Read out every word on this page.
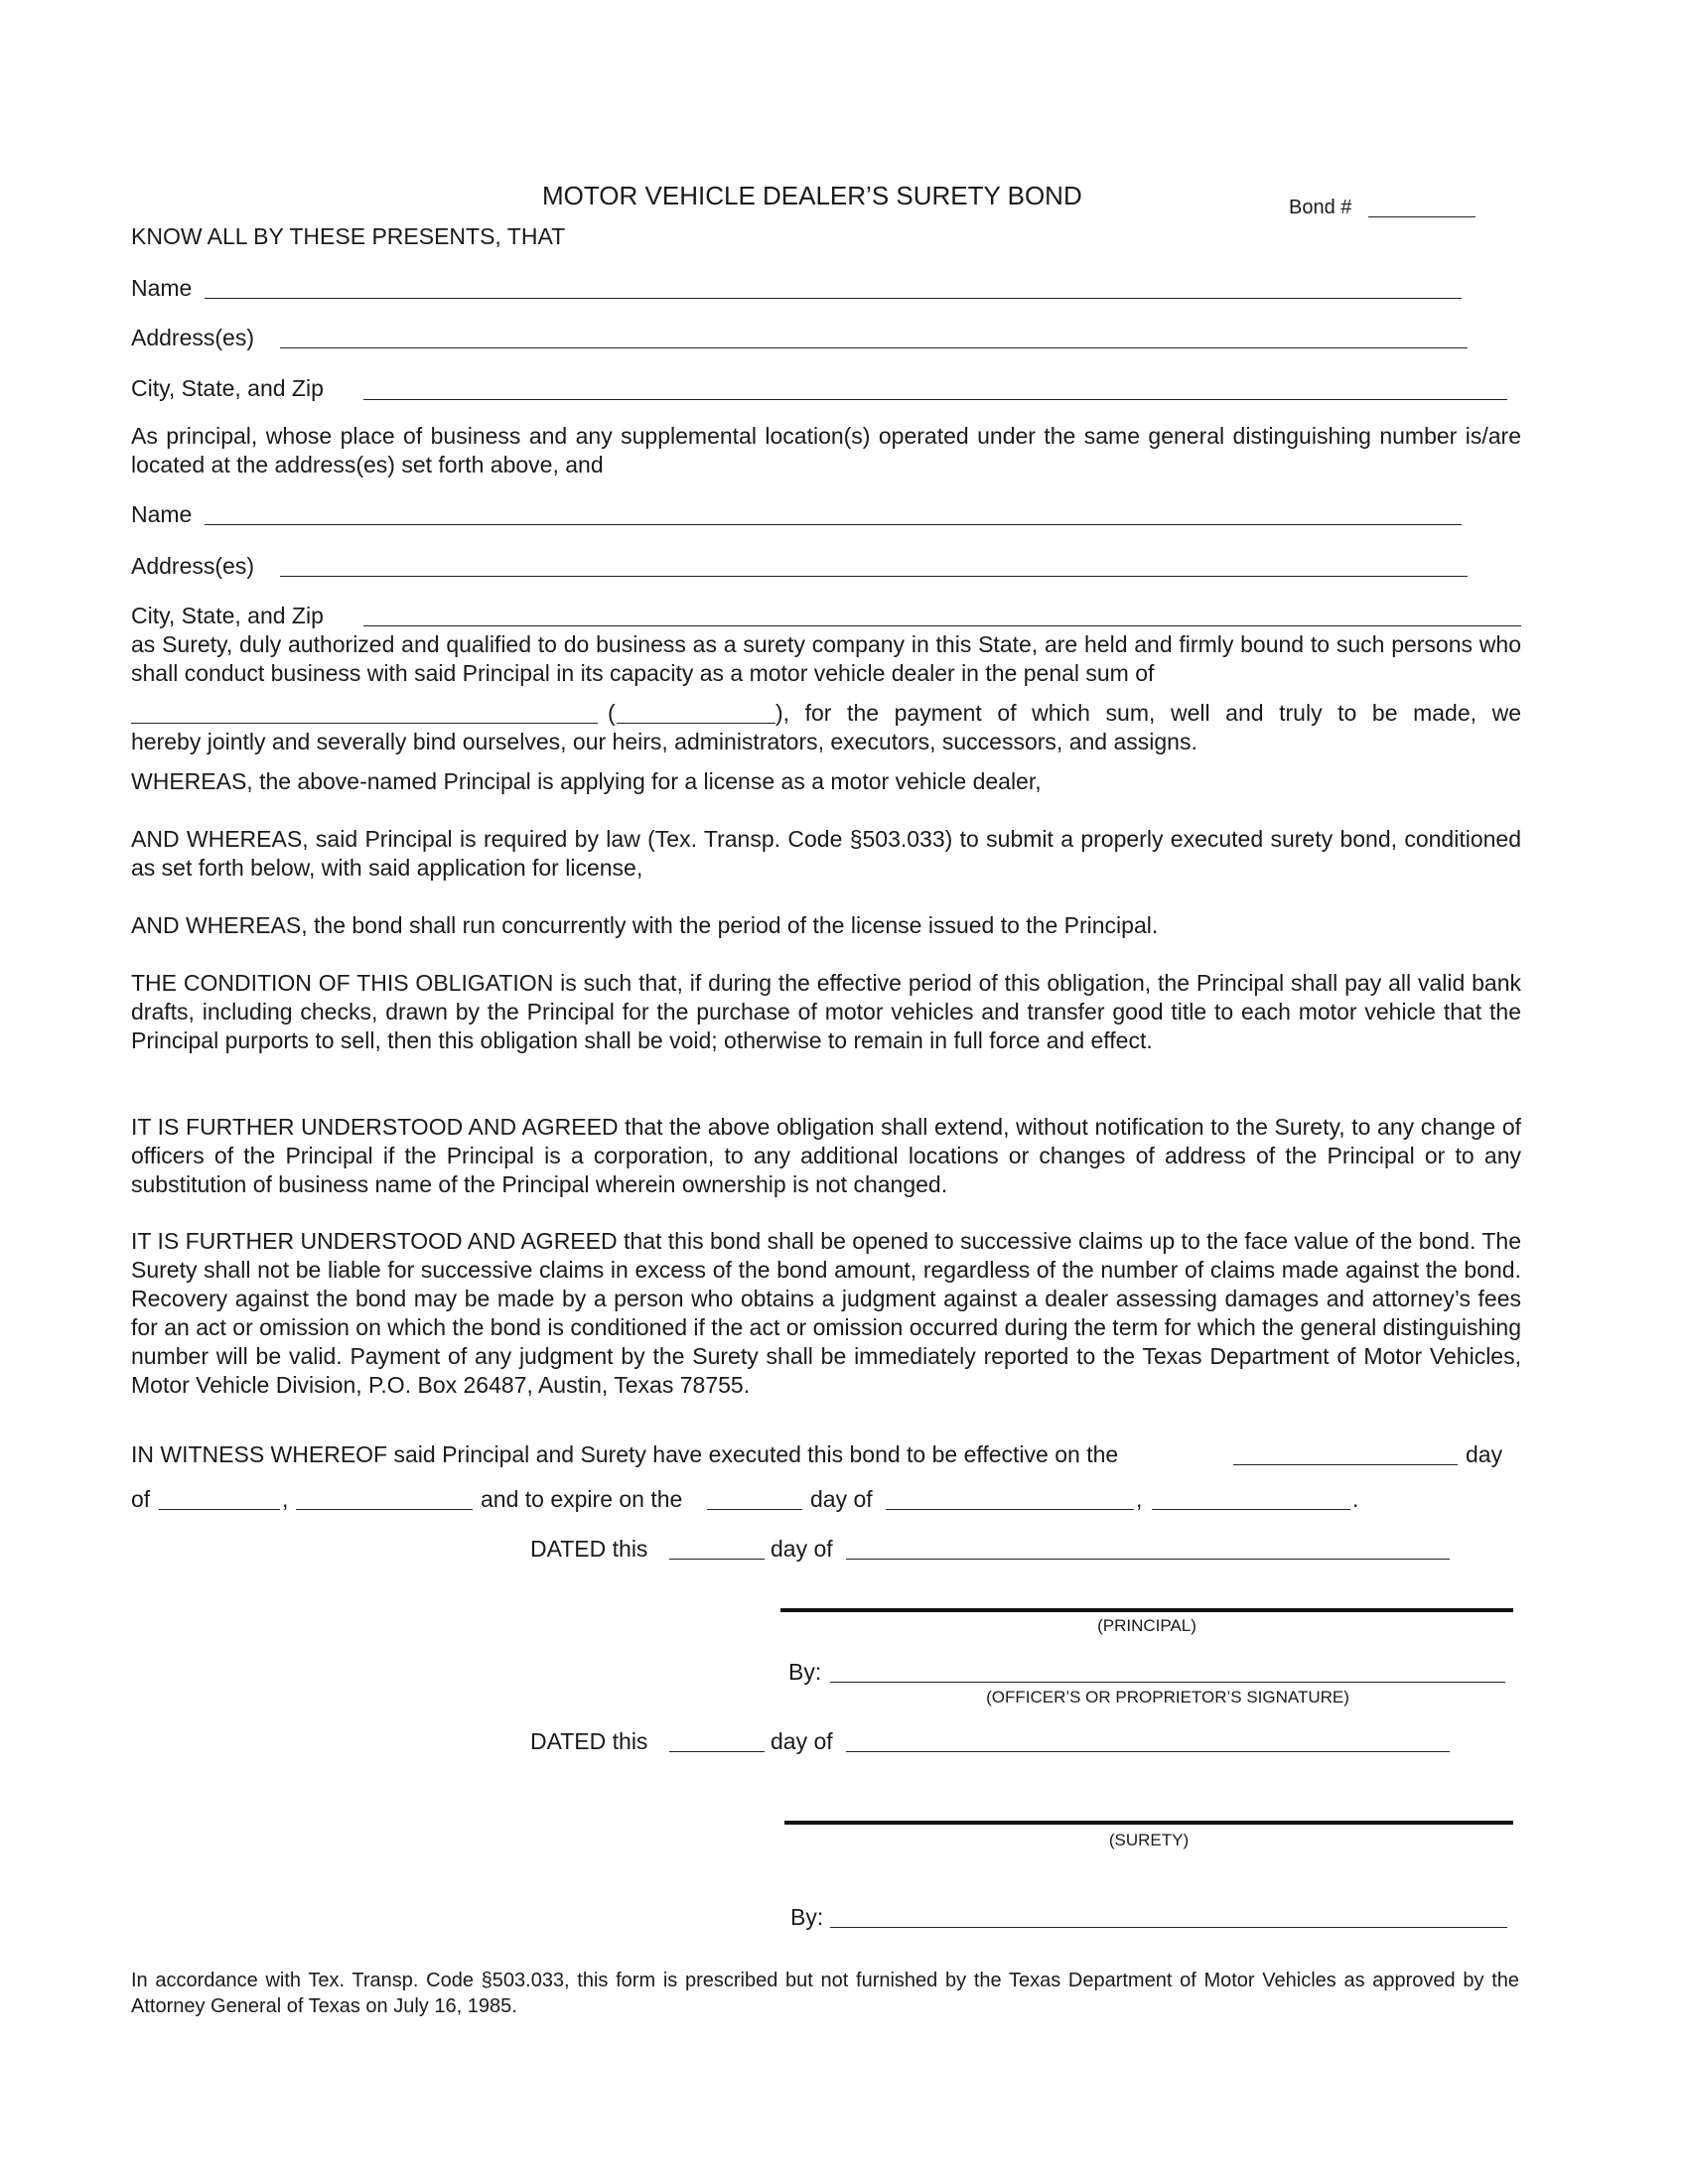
MOTOR VEHICLE DEALER’S SURETY BOND	Bond #
KNOW ALL BY THESE PRESENTS, THAT
Name
Address(es)
City, State, and Zip
As principal, whose place of business and any supplemental location(s) operated under the same general distinguishing number is/are located at the address(es) set forth above, and
Name
Address(es)
City, State, and Zip
as Surety, duly authorized and qualified to do business as a surety company in this State, are held and firmly bound to such persons who shall conduct business with said Principal in its capacity as a motor vehicle dealer in the penal sum of
(	), for the payment of which sum, well and truly to be made, we
hereby jointly and severally bind ourselves, our heirs, administrators, executors, successors, and assigns.
WHEREAS, the above-named Principal is applying for a license as a motor vehicle dealer,
AND WHEREAS, said Principal is required by law (Tex. Transp. Code §503.033) to submit a properly executed surety bond, conditioned as set forth below, with said application for license,
AND WHEREAS, the bond shall run concurrently with the period of the license issued to the Principal.
THE CONDITION OF THIS OBLIGATION is such that, if during the effective period of this obligation, the Principal shall pay all valid bank drafts, including checks, drawn by the Principal for the purchase of motor vehicles and transfer good title to each motor vehicle that the Principal purports to sell, then this obligation shall be void; otherwise to remain in full force and effect.
IT IS FURTHER UNDERSTOOD AND AGREED that the above obligation shall extend, without notification to the Surety, to any change of officers of the Principal if the Principal is a corporation, to any additional locations or changes of address of the Principal or to any substitution of business name of the Principal wherein ownership is not changed.
IT IS FURTHER UNDERSTOOD AND AGREED that this bond shall be opened to successive claims up to the face value of the bond. The Surety shall not be liable for successive claims in excess of the bond amount, regardless of the number of claims made against the bond. Recovery against the bond may be made by a person who obtains a judgment against a dealer assessing damages and attorney’s fees for an act or omission on which the bond is conditioned if the act or omission occurred during the term for which the general distinguishing number will be valid. Payment of any judgment by the Surety shall be immediately reported to the Texas Department of Motor Vehicles, Motor Vehicle Division, P.O. Box 26487, Austin, Texas 78755.
IN WITNESS WHEREOF said Principal and Surety have executed this bond to be effective on the	day
of	,	and to expire on the	day of	,	.
DATED this	day of
(PRINCIPAL)
By:
(OFFICER’S OR PROPRIETOR’S SIGNATURE)
DATED this	day of
(SURETY)
By:
In accordance with Tex. Transp. Code §503.033, this form is prescribed but not furnished by the Texas Department of Motor Vehicles as approved by the Attorney General of Texas on July 16, 1985.
